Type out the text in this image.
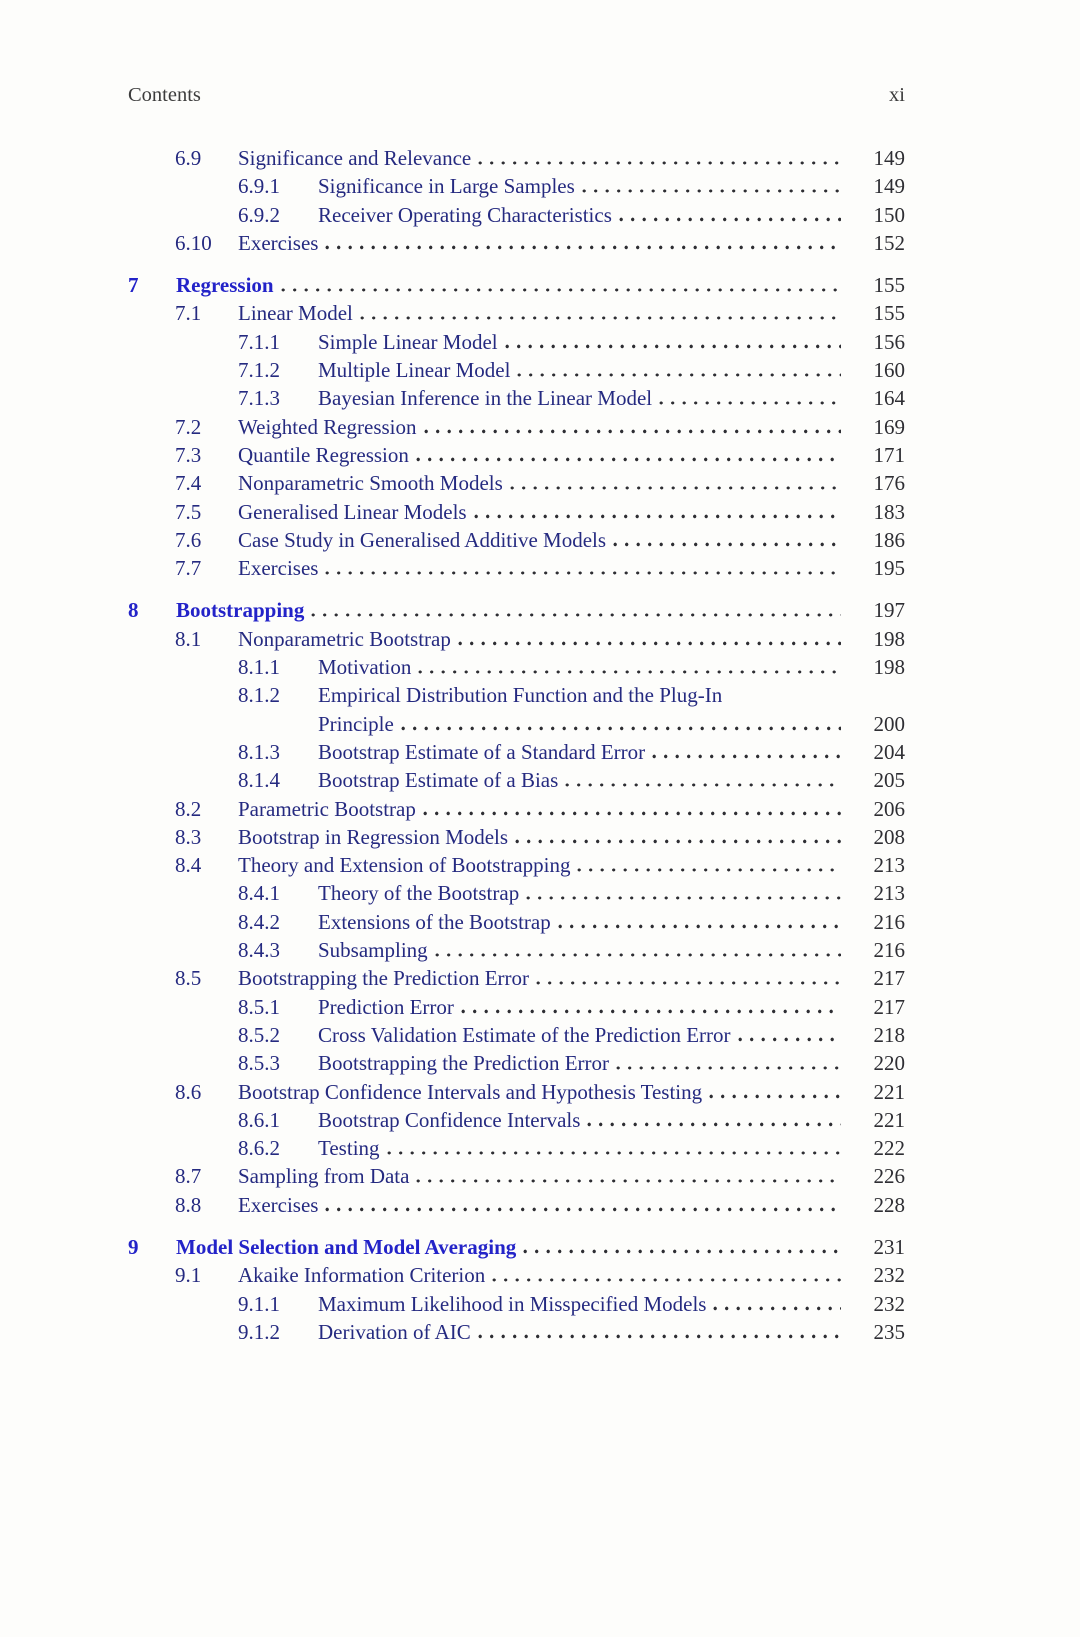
Contents	xi
6.9	Significance and Relevance	149
6.9.1	Significance in Large Samples	149
6.9.2	Receiver Operating Characteristics	150
6.10	Exercises	152
7	Regression	155
7.1	Linear Model	155
7.1.1	Simple Linear Model	156
7.1.2	Multiple Linear Model	160
7.1.3	Bayesian Inference in the Linear Model	164
7.2	Weighted Regression	169
7.3	Quantile Regression	171
7.4	Nonparametric Smooth Models	176
7.5	Generalised Linear Models	183
7.6	Case Study in Generalised Additive Models	186
7.7	Exercises	195
8	Bootstrapping	197
8.1	Nonparametric Bootstrap	198
8.1.1	Motivation	198
8.1.2	Empirical Distribution Function and the Plug-In
Principle	200
8.1.3	Bootstrap Estimate of a Standard Error	204
8.1.4	Bootstrap Estimate of a Bias	205
8.2	Parametric Bootstrap	206
8.3	Bootstrap in Regression Models	208
8.4	Theory and Extension of Bootstrapping	213
8.4.1	Theory of the Bootstrap	213
8.4.2	Extensions of the Bootstrap	216
8.4.3	Subsampling	216
8.5	Bootstrapping the Prediction Error	217
8.5.1	Prediction Error	217
8.5.2	Cross Validation Estimate of the Prediction Error	218
8.5.3	Bootstrapping the Prediction Error	220
8.6	Bootstrap Confidence Intervals and Hypothesis Testing	221
8.6.1	Bootstrap Confidence Intervals	221
8.6.2	Testing	222
8.7	Sampling from Data	226
8.8	Exercises	228
9	Model Selection and Model Averaging	231
9.1	Akaike Information Criterion	232
9.1.1	Maximum Likelihood in Misspecified Models	232
9.1.2	Derivation of AIC	235
